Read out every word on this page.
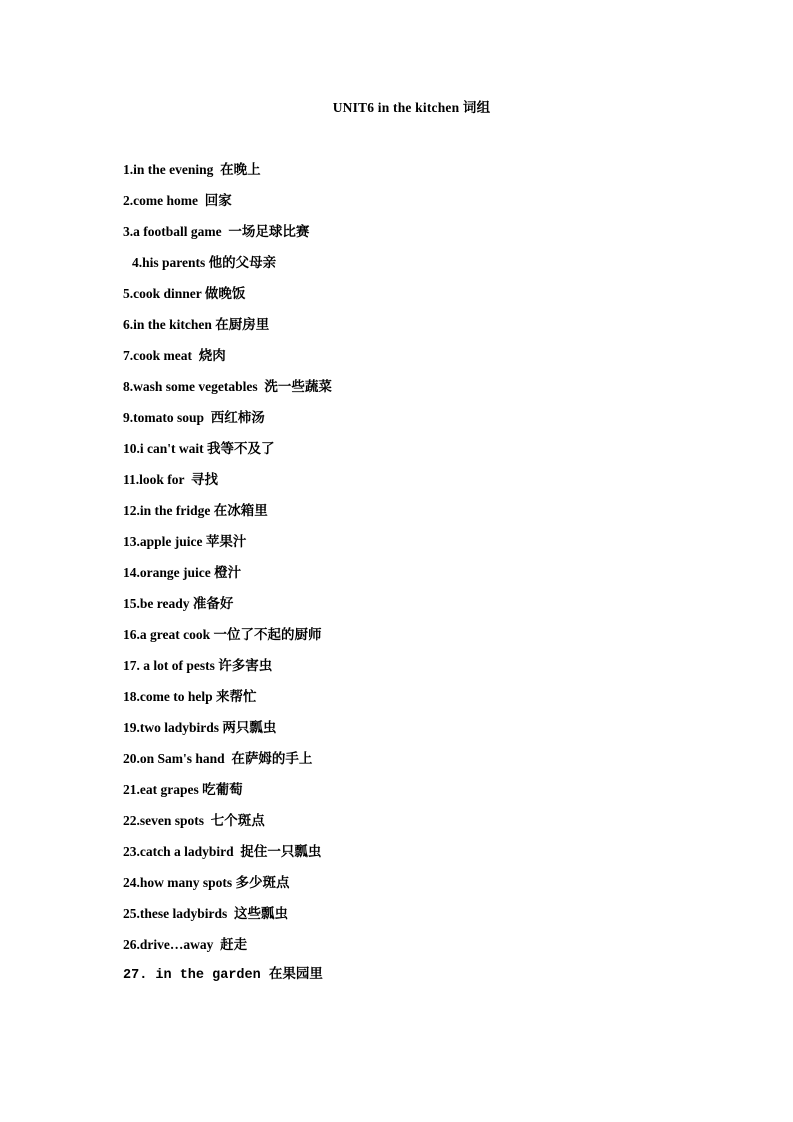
UNIT6 in the kitchen 词组
1.in the evening  在晚上
2.come home  回家
3.a football game  一场足球比赛
4.his parents 他的父母亲
5.cook dinner 做晚饭
6.in the kitchen 在厨房里
7.cook meat  烧肉
8.wash some vegetables  洗一些蔬菜
9.tomato soup  西红柿汤
10.i can't wait 我等不及了
11.look for  寻找
12.in the fridge 在冰箱里
13.apple juice 苹果汁
14.orange juice 橙汁
15.be ready 准备好
16.a great cook 一位了不起的厨师
17. a lot of pests 许多害虫
18.come to help 来帮忙
19.two ladybirds 两只瓢虫
20.on Sam's hand  在萨姆的手上
21.eat grapes 吃葡萄
22.seven spots  七个斑点
23.catch a ladybird  捉住一只瓢虫
24.how many spots 多少斑点
25.these ladybirds  这些瓢虫
26.drive…away  赶走
27. in the garden 在果园里
